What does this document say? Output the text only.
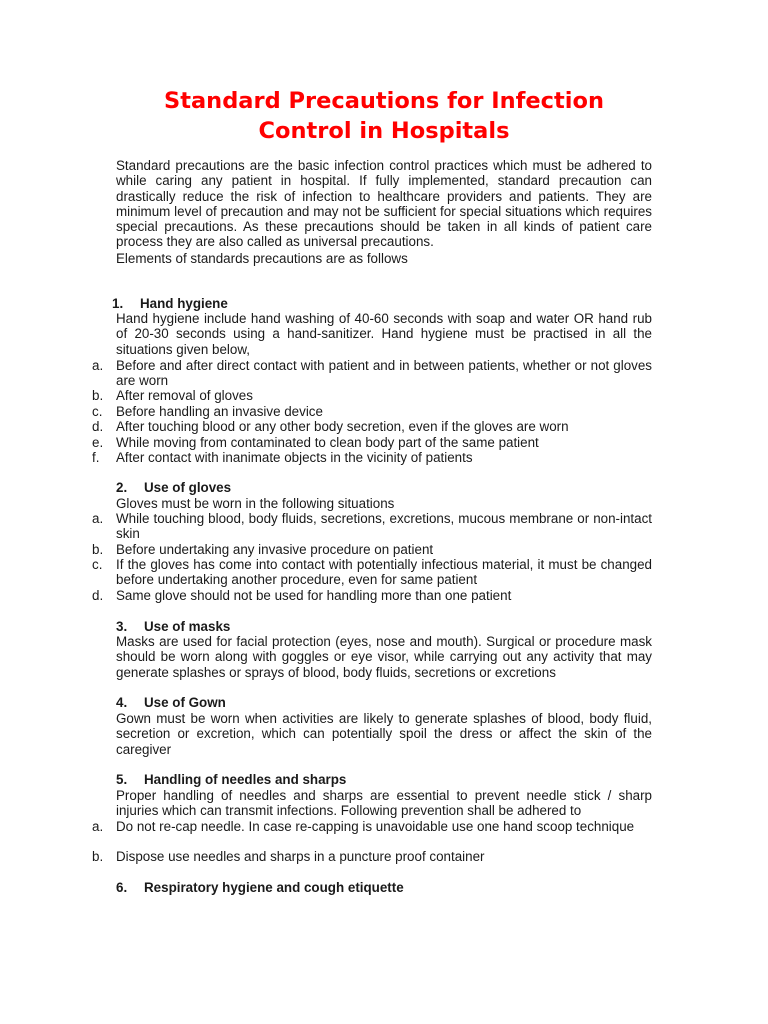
Standard Precautions for Infection
Control in Hospitals

Standard precautions are the basic infection control practices which must be adhered to while caring any patient in hospital. If fully implemented, standard precaution can drastically reduce the risk of infection to healthcare providers and patients. They are minimum level of precaution and may not be sufficient for special situations which requires special precautions. As these precautions should be taken in all kinds of patient care process they are also called as universal precautions.

Elements of standards precautions are as follows

1. Hand hygiene

Hand hygiene include hand washing of 40-60 seconds with soap and water OR hand rub of 20-30 seconds using a hand-sanitizer. Hand hygiene must be practised in all the situations given below,

a. Before and after direct contact with patient and in between patients, whether or not gloves are worn
b. After removal of gloves
c. Before handling an invasive device
d. After touching blood or any other body secretion, even if the gloves are worn
e. While moving from contaminated to clean body part of the same patient
f. After contact with inanimate objects in the vicinity of patients

2. Use of gloves

Gloves must be worn in the following situations

a. While touching blood, body fluids, secretions, excretions, mucous membrane or non-intact skin
b. Before undertaking any invasive procedure on patient
c. If the gloves has come into contact with potentially infectious material, it must be changed before undertaking another procedure, even for same patient
d. Same glove should not be used for handling more than one patient

3. Use of masks

Masks are used for facial protection (eyes, nose and mouth). Surgical or procedure mask should be worn along with goggles or eye visor, while carrying out any activity that may generate splashes or sprays of blood, body fluids, secretions or excretions

4. Use of Gown

Gown must be worn when activities are likely to generate splashes of blood, body fluid, secretion or excretion, which can potentially spoil the dress or affect the skin of the caregiver

5. Handling of needles and sharps

Proper handling of needles and sharps are essential to prevent needle stick / sharp injuries which can transmit infections. Following prevention shall be adhered to

a. Do not re-cap needle. In case re-capping is unavoidable use one hand scoop technique
b. Dispose use needles and sharps in a puncture proof container

6. Respiratory hygiene and cough etiquette
